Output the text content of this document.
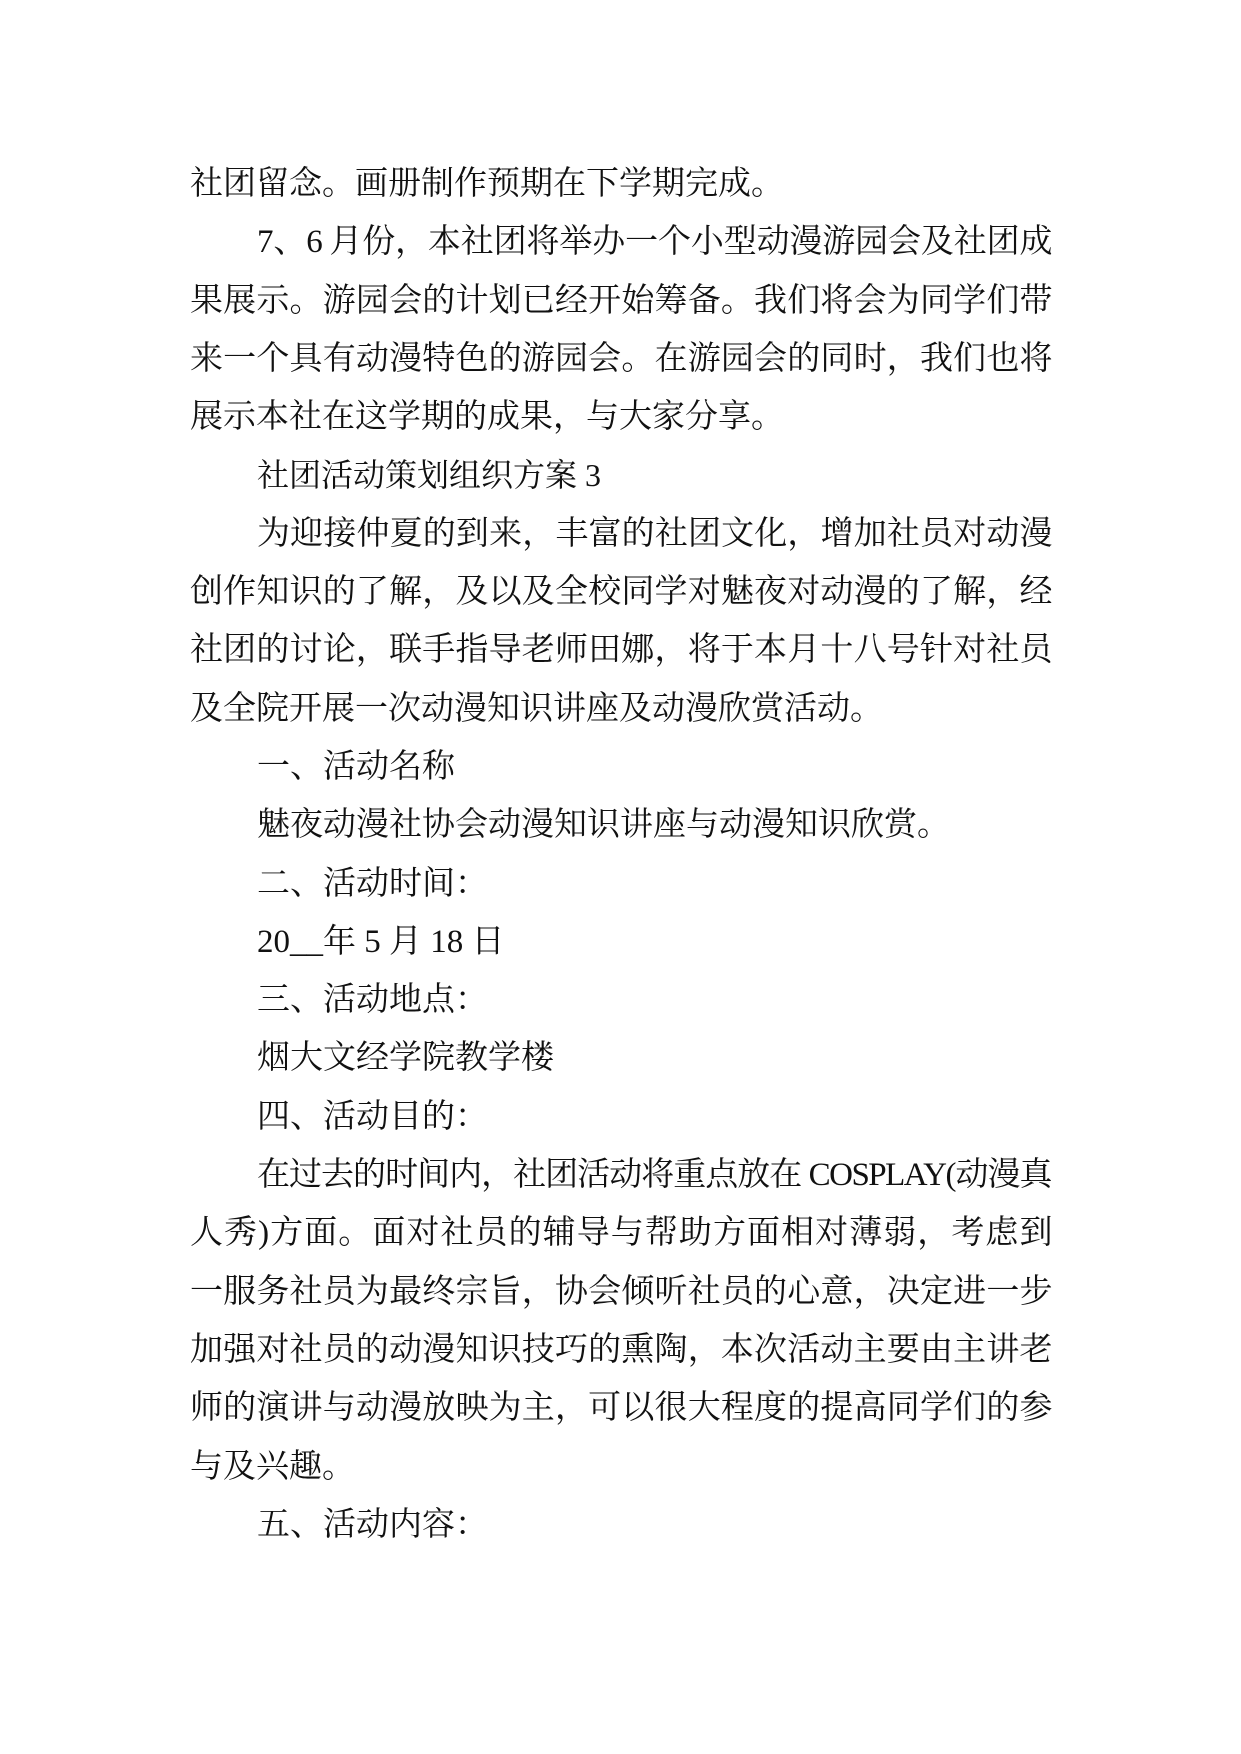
社团留念。画册制作预期在下学期完成。
7、6 月份，本社团将举办一个小型动漫游园会及社团成
果展示。游园会的计划已经开始筹备。我们将会为同学们带
来一个具有动漫特色的游园会。在游园会的同时，我们也将
展示本社在这学期的成果，与大家分享。
社团活动策划组织方案 3
为迎接仲夏的到来，丰富的社团文化，增加社员对动漫
创作知识的了解，及以及全校同学对魅夜对动漫的了解，经
社团的讨论，联手指导老师田娜，将于本月十八号针对社员
及全院开展一次动漫知识讲座及动漫欣赏活动。
一、活动名称
魅夜动漫社协会动漫知识讲座与动漫知识欣赏。
二、活动时间：
20__年 5 月 18 日
三、活动地点：
烟大文经学院教学楼
四、活动目的：
在过去的时间内，社团活动将重点放在 COSPLAY(动漫真
人秀)方面。面对社员的辅导与帮助方面相对薄弱，考虑到
一服务社员为最终宗旨，协会倾听社员的心意，决定进一步
加强对社员的动漫知识技巧的熏陶，本次活动主要由主讲老
师的演讲与动漫放映为主，可以很大程度的提高同学们的参
与及兴趣。
五、活动内容：
